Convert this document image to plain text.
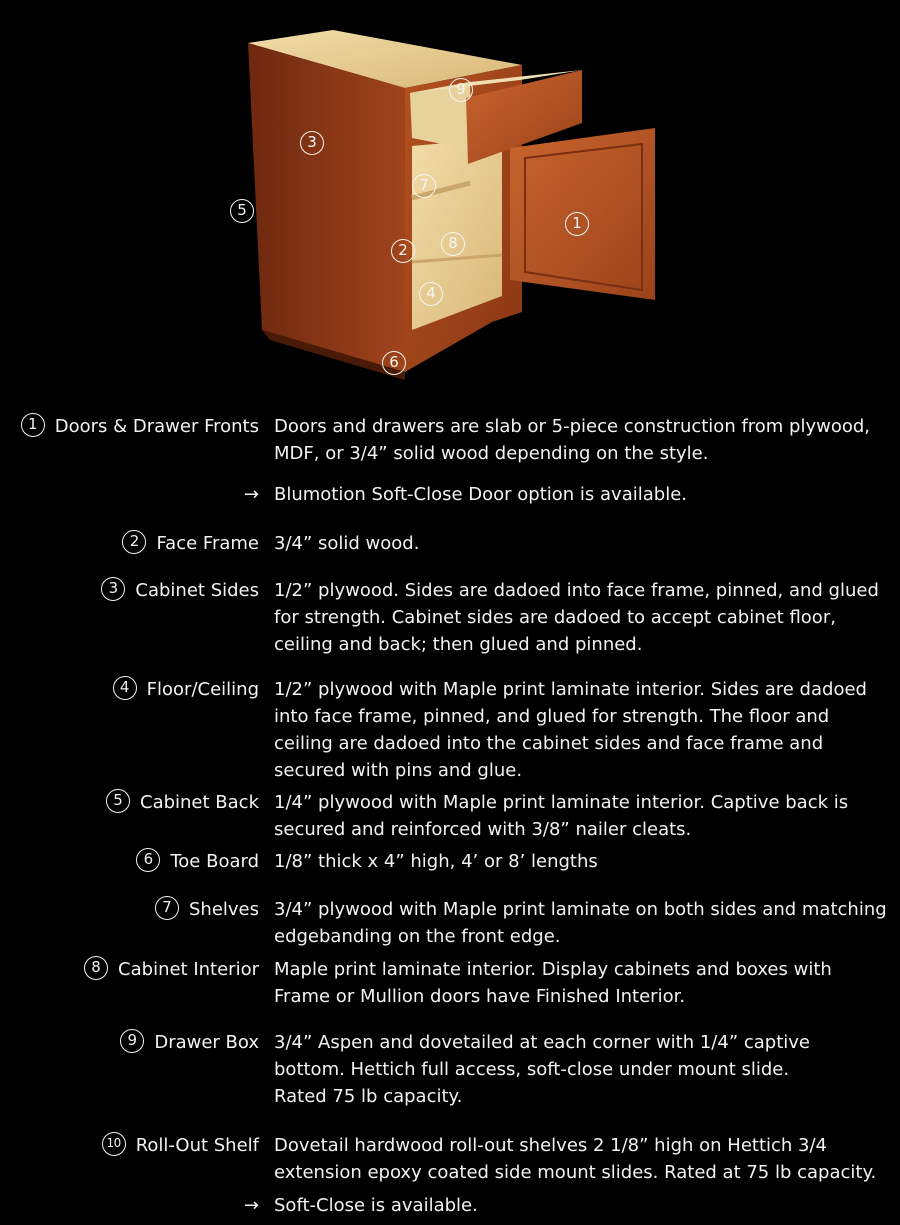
1
2
3
4
5
6
7
8
9
1 Doors & Drawer Fronts Doors and drawers are slab or 5-piece construction from plywood,
MDF, or 3/4” solid wood depending on the style.
→ Blumotion Soft-Close Door option is available.
2 Face Frame 3/4” solid wood.
3 Cabinet Sides 1/2” plywood. Sides are dadoed into face frame, pinned, and glued
for strength. Cabinet sides are dadoed to accept cabinet floor,
ceiling and back; then glued and pinned.
4 Floor/Ceiling 1/2” plywood with Maple print laminate interior. Sides are dadoed
into face frame, pinned, and glued for strength. The floor and
ceiling are dadoed into the cabinet sides and face frame and
secured with pins and glue.
5 Cabinet Back 1/4” plywood with Maple print laminate interior. Captive back is
secured and reinforced with 3/8” nailer cleats.
6 Toe Board 1/8” thick x 4” high, 4’ or 8’ lengths
7 Shelves 3/4” plywood with Maple print laminate on both sides and matching
edgebanding on the front edge.
8 Cabinet Interior Maple print laminate interior. Display cabinets and boxes with
Frame or Mullion doors have Finished Interior.
9 Drawer Box 3/4” Aspen and dovetailed at each corner with 1/4” captive
bottom. Hettich full access, soft-close under mount slide.
Rated 75 lb capacity.
10 Roll-Out Shelf Dovetail hardwood roll-out shelves 2 1/8” high on Hettich 3/4
extension epoxy coated side mount slides. Rated at 75 lb capacity.
→ Soft-Close is available.
